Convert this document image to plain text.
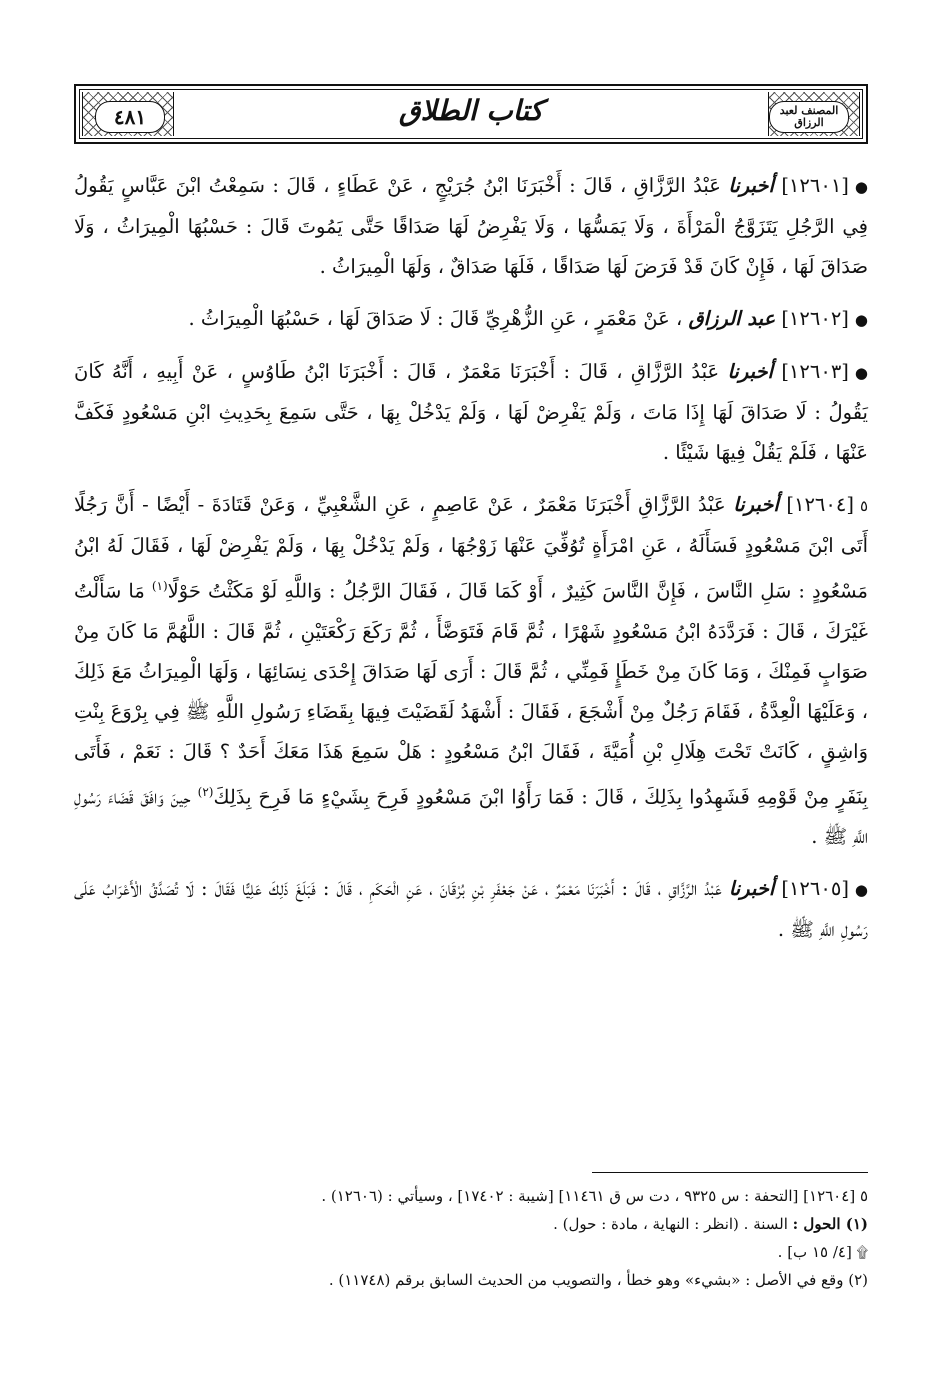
٤٨١	كتاب الطلاق	المصنف لعبد الرزاق

●[١٢٦٠١] أخبرنا عَبْدُ الرَّزَّاقِ ، قَالَ : أَخْبَرَنَا ابْنُ جُرَيْجٍ ، عَنْ عَطَاءٍ ، قَالَ : سَمِعْتُ ابْنَ عَبَّاسٍ يَقُولُ فِي الرَّجُلِ يَتَزَوَّجُ الْمَرْأَةَ ، وَلَا يَمَسُّهَا ، وَلَا يَفْرِضُ لَهَا صَدَاقًا حَتَّى يَمُوتَ قَالَ : حَسْبُهَا الْمِيرَاثُ ، وَلَا صَدَاقَ لَهَا ، فَإِنْ كَانَ قَدْ فَرَضَ لَهَا صَدَاقًا ، فَلَهَا صَدَاقٌ ، وَلَهَا الْمِيرَاثُ .

●[١٢٦٠٢] عبد الرزاق ، عَنْ مَعْمَرٍ ، عَنِ الزُّهْرِيِّ قَالَ : لَا صَدَاقَ لَهَا ، حَسْبُهَا الْمِيرَاثُ .

●[١٢٦٠٣] أخبرنا عَبْدُ الرَّزَّاقِ ، قَالَ : أَخْبَرَنَا مَعْمَرٌ ، قَالَ : أَخْبَرَنَا ابْنُ طَاوُسٍ ، عَنْ أَبِيهِ ، أَنَّهُ كَانَ يَقُولُ : لَا صَدَاقَ لَهَا إِذَا مَاتَ ، وَلَمْ يَفْرِضْ لَهَا ، وَلَمْ يَدْخُلْ بِهَا ، حَتَّى سَمِعَ بِحَدِيثِ ابْنِ مَسْعُودٍ فَكَفَّ عَنْهَا ، فَلَمْ يَقُلْ فِيهَا شَيْئًا .

٥[١٢٦٠٤] أخبرنا عَبْدُ الرَّزَّاقِ أَخْبَرَنَا مَعْمَرٌ ، عَنْ عَاصِمٍ ، عَنِ الشَّعْبِيِّ ، وَعَنْ قَتَادَةَ - أَيْضًا - أَنَّ رَجُلًا أَتَى ابْنَ مَسْعُودٍ فَسَأَلَهُ ، عَنِ امْرَأَةٍ تُوُفِّيَ عَنْهَا زَوْجُهَا ، وَلَمْ يَدْخُلْ بِهَا ، وَلَمْ يَفْرِضْ لَهَا ، فَقَالَ لَهُ ابْنُ مَسْعُودٍ : سَلِ النَّاسَ ، فَإِنَّ النَّاسَ كَثِيرٌ ، أَوْ كَمَا قَالَ ، فَقَالَ الرَّجُلُ : وَاللَّهِ لَوْ مَكَثْتُ حَوْلًا$^{(١)}$ مَا سَأَلْتُ غَيْرَكَ ، قَالَ : فَرَدَّدَهُ ابْنُ مَسْعُودٍ شَهْرًا ، ثُمَّ قَامَ فَتَوَضَّأَ ، ثُمَّ رَكَعَ رَكْعَتَيْنِ ، ثُمَّ قَالَ : اللَّهُمَّ مَا كَانَ مِنْ صَوَابٍ فَمِنْكَ ، وَمَا كَانَ مِنْ خَطَإٍ فَمِنِّي ، ثُمَّ قَالَ : أَرَى لَهَا صَدَاقَ إِحْدَى نِسَائِهَا ، وَلَهَا الْمِيرَاثُ مَعَ ذَلِكَ ، وَعَلَيْهَا الْعِدَّةُ ، فَقَامَ رَجُلٌ مِنْ أَشْجَعَ ، فَقَالَ : أَشْهَدُ لَقَضَيْتَ فِيهَا بِقَضَاءِ رَسُولِ اللَّهِ ﷺ فِي بِرْوَعَ بِنْتِ وَاشِقٍ ، كَانَتْ تَحْتَ هِلَالِ بْنِ أُمَيَّةَ ، فَقَالَ ابْنُ مَسْعُودٍ : هَلْ سَمِعَ هَذَا مَعَكَ أَحَدٌ ؟ قَالَ : نَعَمْ ، فَأَتَى بِنَفَرٍ مِنْ قَوْمِهِ فَشَهِدُوا بِذَلِكَ ، قَالَ : فَمَا رَأَوُا ابْنَ مَسْعُودٍ فَرِحَ بِشَيْءٍ مَا فَرِحَ بِذَلِكَ$^{(٢)}$ حِينَ وَافَقَ قَضَاءَ رَسُولِ اللَّهِ ﷺ .

●[١٢٦٠٥] أخبرنا عَبْدُ الرَّزَّاقِ ، قَالَ : أَخْبَرَنَا مَعْمَرٌ ، عَنْ جَعْفَرِ بْنِ بُرْقَانَ ، عَنِ الْحَكَمِ ، قَالَ : فَبَلَغَ ذَلِكَ عَلِيًّا فَقَالَ : لَا تُصَدَّقُ الْأَعْرَابُ عَلَى رَسُولِ اللَّهِ ﷺ .

٥ [١٢٦٠٤] [التحفة : س ٩٣٢٥ ، دت س ق ١١٤٦١] [شيبة : ١٧٤٠٢] ، وسيأتي : (١٢٦٠٦) .

(١) الحول : السنة . (انظر : النهاية ، مادة : حول) .

۩ [٤/ ١٥ ب] .

(٢) وقع في الأصل : «بشيء» وهو خطأ ، والتصويب من الحديث السابق برقم (١١٧٤٨) .
